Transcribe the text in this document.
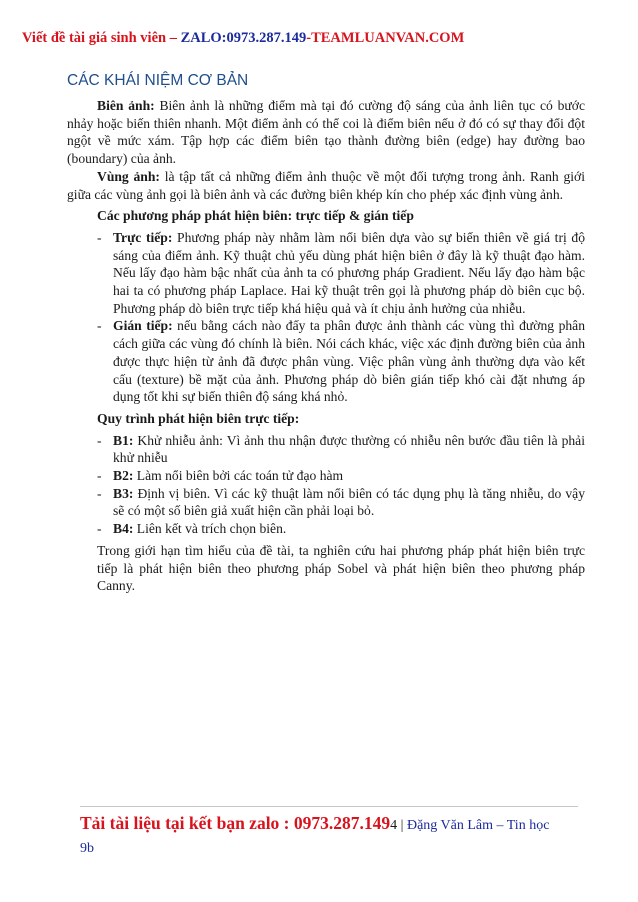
Viết đề tài giá sinh viên – ZALO:0973.287.149-TEAMLUANVAN.COM
CÁC KHÁI NIỆM CƠ BẢN

Biên ảnh: Biên ảnh là những điểm mà tại đó cường độ sáng của ảnh liên tục có bước nhảy hoặc biến thiên nhanh. Một điểm ảnh có thể coi là điểm biên nếu ở đó có sự thay đổi đột ngột về mức xám. Tập hợp các điểm biên tạo thành đường biên (edge) hay đường bao (boundary) của ảnh.

Vùng ảnh: là tập tất cả những điểm ảnh thuộc về một đối tượng trong ảnh. Ranh giới giữa các vùng ảnh gọi là biên ảnh và các đường biên khép kín cho phép xác định vùng ảnh.

Các phương pháp phát hiện biên: trực tiếp & gián tiếp

- Trực tiếp: Phương pháp này nhằm làm nổi biên dựa vào sự biến thiên về giá trị độ sáng của điểm ảnh. Kỹ thuật chủ yếu dùng phát hiện biên ở đây là kỹ thuật đạo hàm. Nếu lấy đạo hàm bậc nhất của ảnh ta có phương pháp Gradient. Nếu lấy đạo hàm bậc hai ta có phương pháp Laplace. Hai kỹ thuật trên gọi là phương pháp dò biên cục bộ. Phương pháp dò biên trực tiếp khá hiệu quả và ít chịu ảnh hưởng của nhiễu.
- Gián tiếp: nếu bằng cách nào đấy ta phân được ảnh thành các vùng thì đường phân cách giữa các vùng đó chính là biên. Nói cách khác, việc xác định đường biên của ảnh được thực hiện từ ảnh đã được phân vùng. Việc phân vùng ảnh thường dựa vào kết cấu (texture) bề mặt của ảnh. Phương pháp dò biên gián tiếp khó cài đặt nhưng áp dụng tốt khi sự biến thiên độ sáng khá nhỏ.

Quy trình phát hiện biên trực tiếp:

- B1: Khử nhiễu ảnh: Vì ảnh thu nhận được thường có nhiễu nên bước đầu tiên là phải khử nhiễu
- B2: Làm nổi biên bởi các toán tử đạo hàm
- B3: Định vị biên. Vì các kỹ thuật làm nổi biên có tác dụng phụ là tăng nhiễu, do vậy sẽ có một số biên giả xuất hiện cần phải loại bỏ.
- B4: Liên kết và trích chọn biên.

Trong giới hạn tìm hiểu của đề tài, ta nghiên cứu hai phương pháp phát hiện biên trực tiếp là phát hiện biên theo phương pháp Sobel và phát hiện biên theo phương pháp Canny.

Tải tài liệu tại kết bạn zalo : 0973.287.1494 | Đặng Văn Lâm – Tin học
9b
